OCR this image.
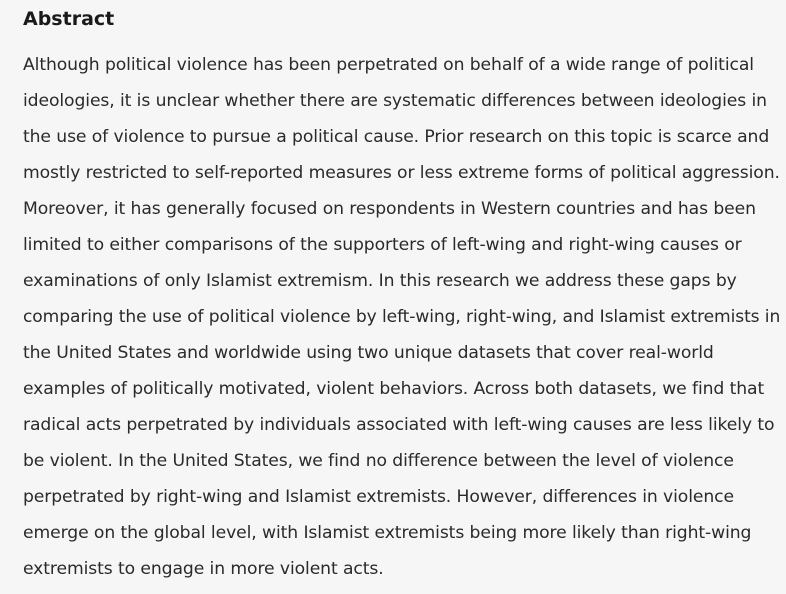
Abstract

Although political violence has been perpetrated on behalf of a wide range of political
ideologies, it is unclear whether there are systematic differences between ideologies in
the use of violence to pursue a political cause. Prior research on this topic is scarce and
mostly restricted to self-reported measures or less extreme forms of political aggression.
Moreover, it has generally focused on respondents in Western countries and has been
limited to either comparisons of the supporters of left-wing and right-wing causes or
examinations of only Islamist extremism. In this research we address these gaps by
comparing the use of political violence by left-wing, right-wing, and Islamist extremists in
the United States and worldwide using two unique datasets that cover real-world
examples of politically motivated, violent behaviors. Across both datasets, we find that
radical acts perpetrated by individuals associated with left-wing causes are less likely to
be violent. In the United States, we find no difference between the level of violence
perpetrated by right-wing and Islamist extremists. However, differences in violence
emerge on the global level, with Islamist extremists being more likely than right-wing
extremists to engage in more violent acts.
